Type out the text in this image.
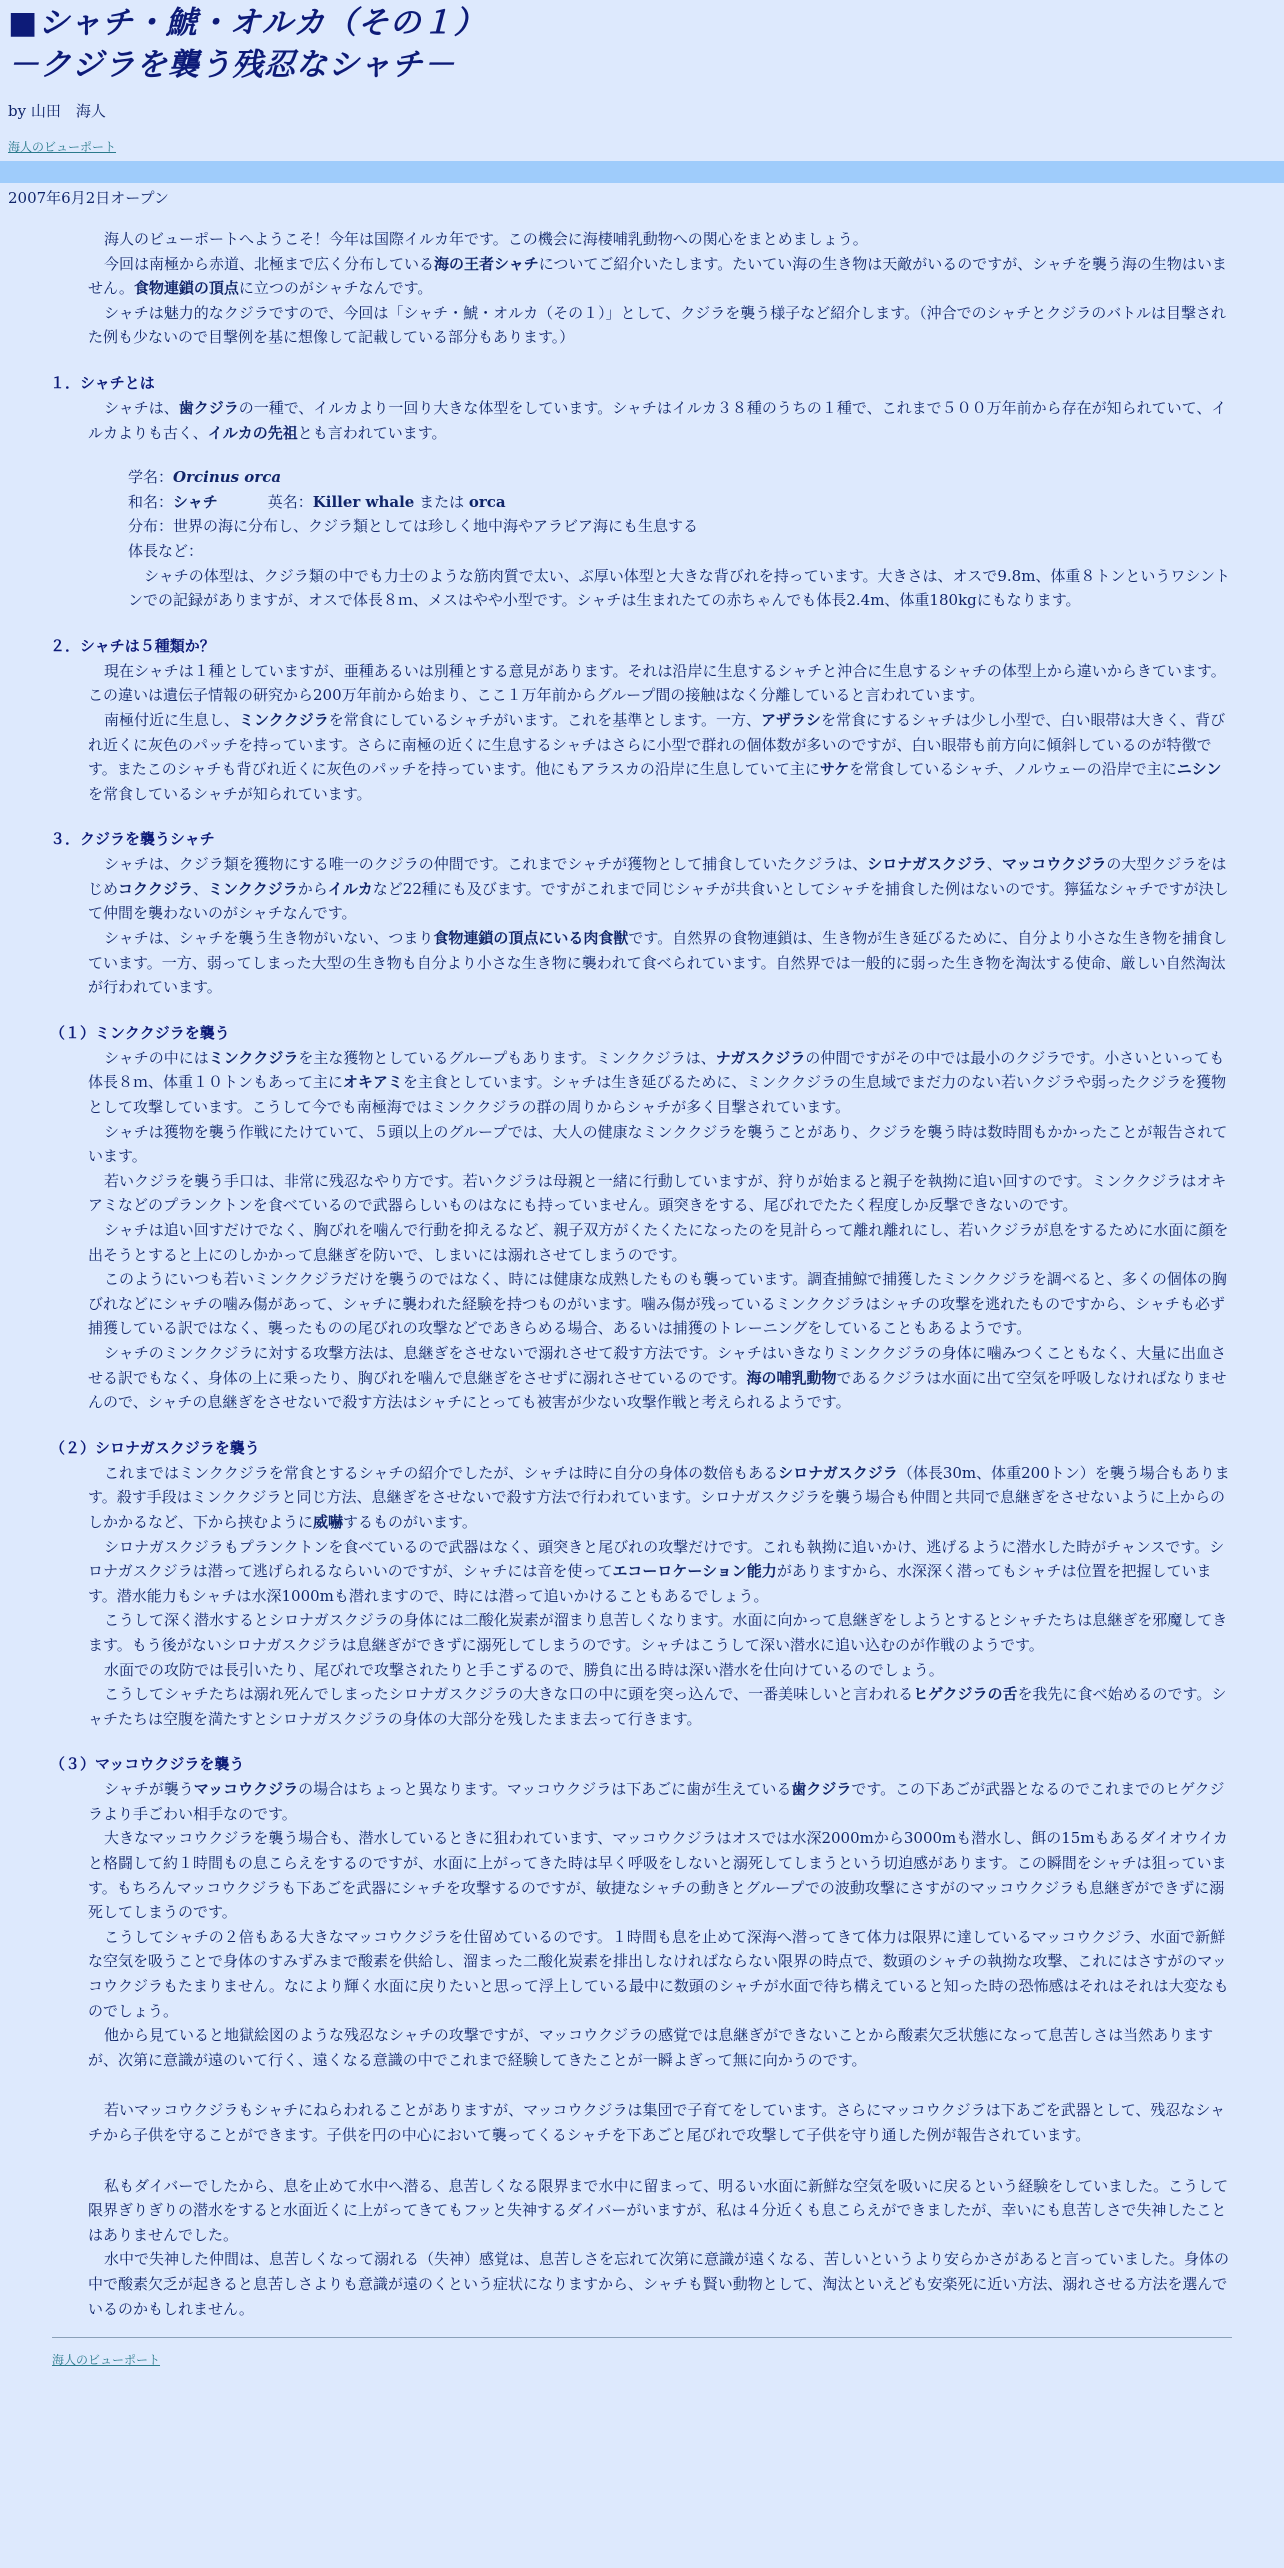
■シャチ・鯱・オルカ（その１）
－クジラを襲う残忍なシャチ－
by 山田　海人
海人のビューポート
2007年6月2日オープン

海人のビューポートへようこそ！今年は国際イルカ年です。この機会に海棲哺乳動物への関心をまとめましょう。

今回は南極から赤道、北極まで広く分布している海の王者シャチについてご紹介いたします。たいてい海の生き物は天敵がいるのですが、シャチを襲う海の生物はいません。食物連鎖の頂点に立つのがシャチなんです。

シャチは魅力的なクジラですので、今回は「シャチ・鯱・オルカ（その１）」として、クジラを襲う様子など紹介します。（沖合でのシャチとクジラのバトルは目撃された例も少ないので目撃例を基に想像して記載している部分もあります。）

１．シャチとは

シャチは、歯クジラの一種で、イルカより一回り大きな体型をしています。シャチはイルカ３８種のうちの１種で、これまで５００万年前から存在が知られていて、イルカよりも古く、イルカの先祖とも言われています。

学名：Orcinus orca

和名：シャチ	英名：Killer whale または orca

分布：世界の海に分布し、クジラ類としては珍しく地中海やアラビア海にも生息する

体長など：

シャチの体型は、クジラ類の中でも力士のような筋肉質で太い、ぶ厚い体型と大きな背びれを持っています。大きさは、オスで9.8m、体重８トンというワシントンでの記録がありますが、オスで体長８ｍ、メスはやや小型です。シャチは生まれたての赤ちゃんでも体長2.4m、体重180kgにもなります。

２．シャチは５種類か？

現在シャチは１種としていますが、亜種あるいは別種とする意見があります。それは沿岸に生息するシャチと沖合に生息するシャチの体型上から違いからきています。 この違いは遺伝子情報の研究から200万年前から始まり、ここ１万年前からグループ間の接触はなく分離していると言われています。

南極付近に生息し、ミンククジラを常食にしているシャチがいます。これを基準とします。一方、アザラシを常食にするシャチは少し小型で、白い眼帯は大きく、背びれ近くに灰色のパッチを持っています。さらに南極の近くに生息するシャチはさらに小型で群れの個体数が多いのですが、白い眼帯も前方向に傾斜しているのが特徴です。またこのシャチも背びれ近くに灰色のパッチを持っています。他にもアラスカの沿岸に生息していて主にサケを常食しているシャチ、ノルウェーの沿岸で主にニシンを常食しているシャチが知られています。

３．クジラを襲うシャチ

シャチは、クジラ類を獲物にする唯一のクジラの仲間です。これまでシャチが獲物として捕食していたクジラは、シロナガスクジラ、マッコウクジラの大型クジラをはじめコククジラ、ミンククジラからイルカなど22種にも及びます。ですがこれまで同じシャチが共食いとしてシャチを捕食した例はないのです。獰猛なシャチですが決して仲間を襲わないのがシャチなんです。

シャチは、シャチを襲う生き物がいない、つまり食物連鎖の頂点にいる肉食獣です。自然界の食物連鎖は、生き物が生き延びるために、自分より小さな生き物を捕食しています。一方、弱ってしまった大型の生き物も自分より小さな生き物に襲われて食べられています。自然界では一般的に弱った生き物を淘汰する使命、厳しい自然淘汰が行われています。

（１）ミンククジラを襲う

シャチの中にはミンククジラを主な獲物としているグループもあります。ミンククジラは、ナガスクジラの仲間ですがその中では最小のクジラです。小さいといっても体長８ｍ、体重１０トンもあって主にオキアミを主食としています。シャチは生き延びるために、ミンククジラの生息域でまだ力のない若いクジラや弱ったクジラを獲物として攻撃しています。こうして今でも南極海ではミンククジラの群の周りからシャチが多く目撃されています。

シャチは獲物を襲う作戦にたけていて、５頭以上のグループでは、大人の健康なミンククジラを襲うことがあり、クジラを襲う時は数時間もかかったことが報告されています。

若いクジラを襲う手口は、非常に残忍なやり方です。若いクジラは母親と一緒に行動していますが、狩りが始まると親子を執拗に追い回すのです。ミンククジラはオキアミなどのプランクトンを食べているので武器らしいものはなにも持っていません。頭突きをする、尾びれでたたく程度しか反撃できないのです。

シャチは追い回すだけでなく、胸びれを噛んで行動を抑えるなど、親子双方がくたくたになったのを見計らって離れ離れにし、若いクジラが息をするために水面に顔を出そうとすると上にのしかかって息継ぎを防いで、しまいには溺れさせてしまうのです。

このようにいつも若いミンククジラだけを襲うのではなく、時には健康な成熟したものも襲っています。調査捕鯨で捕獲したミンククジラを調べると、多くの個体の胸びれなどにシャチの噛み傷があって、シャチに襲われた経験を持つものがいます。噛み傷が残っているミンククジラはシャチの攻撃を逃れたものですから、シャチも必ず捕獲している訳ではなく、襲ったものの尾びれの攻撃などであきらめる場合、あるいは捕獲のトレーニングをしていることもあるようです。

シャチのミンククジラに対する攻撃方法は、息継ぎをさせないで溺れさせて殺す方法です。シャチはいきなりミンククジラの身体に噛みつくこともなく、大量に出血させる訳でもなく、身体の上に乗ったり、胸びれを噛んで息継ぎをさせずに溺れさせているのです。海の哺乳動物であるクジラは水面に出て空気を呼吸しなければなりませんので、シャチの息継ぎをさせないで殺す方法はシャチにとっても被害が少ない攻撃作戦と考えられるようです。

（２）シロナガスクジラを襲う

これまではミンククジラを常食とするシャチの紹介でしたが、シャチは時に自分の身体の数倍もあるシロナガスクジラ（体長30m、体重200トン）を襲う場合もあります。殺す手段はミンククジラと同じ方法、息継ぎをさせないで殺す方法で行われています。シロナガスクジラを襲う場合も仲間と共同で息継ぎをさせないように上からのしかかるなど、下から挟むように威嚇するものがいます。

シロナガスクジラもプランクトンを食べているので武器はなく、頭突きと尾びれの攻撃だけです。これも執拗に追いかけ、逃げるように潜水した時がチャンスです。シロナガスクジラは潜って逃げられるならいいのですが、シャチには音を使ってエコーロケーション能力がありますから、水深深く潜ってもシャチは位置を把握しています。潜水能力もシャチは水深1000mも潜れますので、時には潜って追いかけることもあるでしょう。

こうして深く潜水するとシロナガスクジラの身体には二酸化炭素が溜まり息苦しくなります。水面に向かって息継ぎをしようとするとシャチたちは息継ぎを邪魔してきます。もう後がないシロナガスクジラは息継ぎができずに溺死してしまうのです。シャチはこうして深い潜水に追い込むのが作戦のようです。

水面での攻防では長引いたり、尾びれで攻撃されたりと手こずるので、勝負に出る時は深い潜水を仕向けているのでしょう。

こうしてシャチたちは溺れ死んでしまったシロナガスクジラの大きな口の中に頭を突っ込んで、一番美味しいと言われるヒゲクジラの舌を我先に食べ始めるのです。シャチたちは空腹を満たすとシロナガスクジラの身体の大部分を残したまま去って行きます。

（３）マッコウクジラを襲う

シャチが襲うマッコウクジラの場合はちょっと異なります。マッコウクジラは下あごに歯が生えている歯クジラです。この下あごが武器となるのでこれまでのヒゲクジラより手ごわい相手なのです。

大きなマッコウクジラを襲う場合も、潜水しているときに狙われています、マッコウクジラはオスでは水深2000mから3000mも潜水し、餌の15mもあるダイオウイカと格闘して約１時間もの息こらえをするのですが、水面に上がってきた時は早く呼吸をしないと溺死してしまうという切迫感があります。この瞬間をシャチは狙っています。もちろんマッコウクジラも下あごを武器にシャチを攻撃するのですが、敏捷なシャチの動きとグループでの波動攻撃にさすがのマッコウクジラも息継ぎができずに溺死してしまうのです。

こうしてシャチの２倍もある大きなマッコウクジラを仕留めているのです。１時間も息を止めて深海へ潜ってきて体力は限界に達しているマッコウクジラ、水面で新鮮な空気を吸うことで身体のすみずみまで酸素を供給し、溜まった二酸化炭素を排出しなければならない限界の時点で、数頭のシャチの執拗な攻撃、これにはさすがのマッコウクジラもたまりません。なにより輝く水面に戻りたいと思って浮上している最中に数頭のシャチが水面で待ち構えていると知った時の恐怖感はそれはそれは大変なものでしょう。

他から見ていると地獄絵図のような残忍なシャチの攻撃ですが、マッコウクジラの感覚では息継ぎができないことから酸素欠乏状態になって息苦しさは当然ありますが、次第に意識が遠のいて行く、遠くなる意識の中でこれまで経験してきたことが一瞬よぎって無に向かうのです。

若いマッコウクジラもシャチにねらわれることがありますが、マッコウクジラは集団で子育てをしています。さらにマッコウクジラは下あごを武器として、残忍なシャチから子供を守ることができます。子供を円の中心において襲ってくるシャチを下あごと尾びれで攻撃して子供を守り通した例が報告されています。

私もダイバーでしたから、息を止めて水中へ潜る、息苦しくなる限界まで水中に留まって、明るい水面に新鮮な空気を吸いに戻るという経験をしていました。こうして限界ぎりぎりの潜水をすると水面近くに上がってきてもフッと失神するダイバーがいますが、私は４分近くも息こらえができましたが、幸いにも息苦しさで失神したことはありませんでした。

水中で失神した仲間は、息苦しくなって溺れる（失神）感覚は、息苦しさを忘れて次第に意識が遠くなる、苦しいというより安らかさがあると言っていました。身体の中で酸素欠乏が起きると息苦しさよりも意識が遠のくという症状になりますから、シャチも賢い動物として、淘汰といえども安楽死に近い方法、溺れさせる方法を選んでいるのかもしれません。

海人のビューポート
